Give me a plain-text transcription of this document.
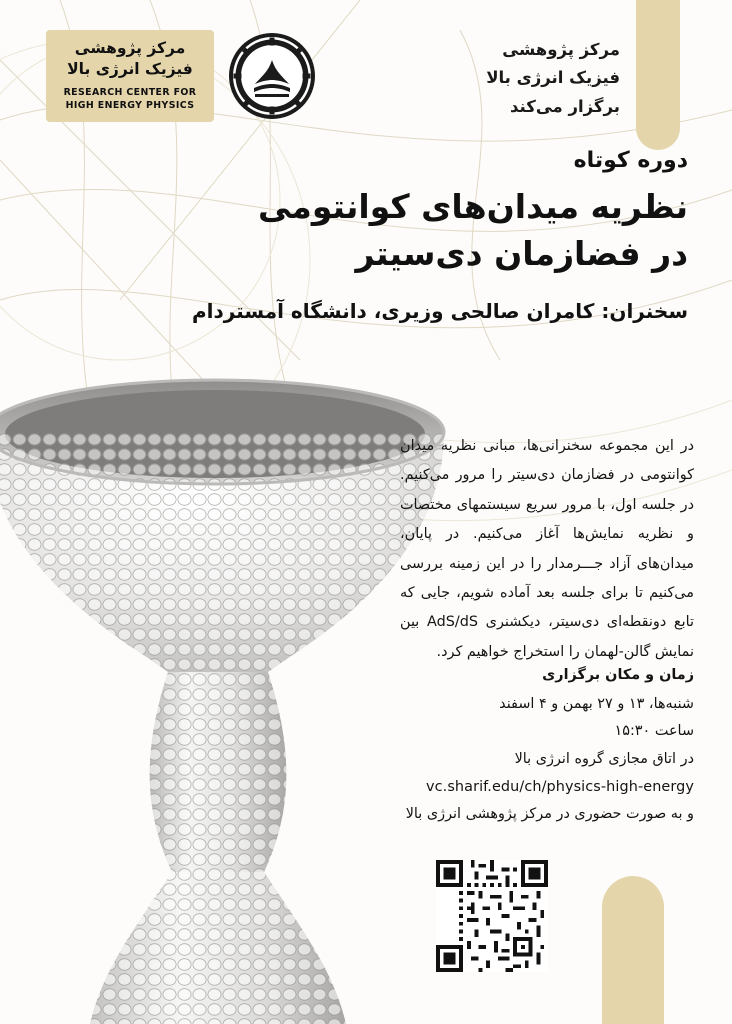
مرکز پژوهشی
فیزیک انرژی بالا
RESEARCH CENTER FOR
HIGH ENERGY PHYSICS
مرکز پژوهشی
فیزیک انرژی بالا
برگزار می‌کند
دوره کوتاه
نظریه میدان‌های کوانتومی
در فضازمان دی‌سیتر
سخنران: کامران صالحی وزیری، دانشگاه آمستردام
در این مجموعه سخنرانی‌ها، مبانی نظریه میدان کوانتومی در فضازمان دی‌سیتر را مرور می‌کنیم. در جلسه اول، با مرور سریع سیستمهای مختصات و نظریه نمایش‌ها آغاز می‌کنیم. در پایان، میدان‌های آزاد جـــرمدار را در این زمینه بررسی می‌کنیم تا برای جلسه بعد آماده شویم، جایی که تابع دونقطه‌ای دی‌سیتر، دیکشنری AdS/dS بین نمایش گالن-لهمان را استخراج خواهیم کرد.
زمان و مکان برگزاری
شنبه‌ها، ۱۳ و ۲۷ بهمن و ۴ اسفند
ساعت ۱۵:۳۰
در اتاق مجازی گروه انرژی بالا
vc.sharif.edu/ch/physics-high-energy
و به صورت حضوری در مرکز پژوهشی انرژی بالا
